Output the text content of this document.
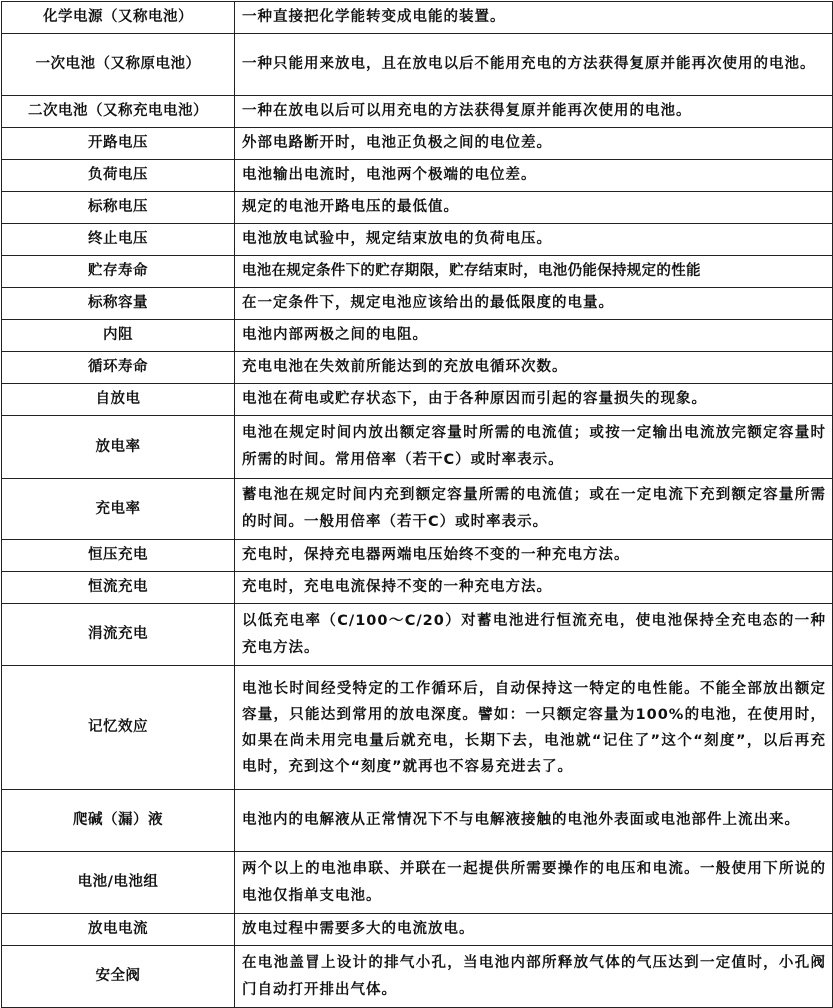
化学电源（又称电池）	一种直接把化学能转变成电能的装置。
一次电池（又称原电池）	一种只能用来放电，且在放电以后不能用充电的方法获得复原并能再次使用的电池。
二次电池（又称充电电池）	一种在放电以后可以用充电的方法获得复原并能再次使用的电池。
开路电压	外部电路断开时，电池正负极之间的电位差。
负荷电压	电池输出电流时，电池两个极端的电位差。
标称电压	规定的电池开路电压的最低值。
终止电压	电池放电试验中，规定结束放电的负荷电压。
贮存寿命	电池在规定条件下的贮存期限，贮存结束时，电池仍能保持规定的性能
标称容量	在一定条件下，规定电池应该给出的最低限度的电量。
内阻	电池内部两极之间的电阻。
循环寿命	充电电池在失效前所能达到的充放电循环次数。
自放电	电池在荷电或贮存状态下，由于各种原因而引起的容量损失的现象。
放电率	电池在规定时间内放出额定容量时所需的电流值；或按一定输出电流放完额定容量时所需的时间。常用倍率（若干C）或时率表示。
充电率	蓄电池在规定时间内充到额定容量所需的电流值；或在一定电流下充到额定容量所需的时间。一般用倍率（若干C）或时率表示。
恒压充电	充电时，保持充电器两端电压始终不变的一种充电方法。
恒流充电	充电时，充电电流保持不变的一种充电方法。
涓流充电	以低充电率（C/100～C/20）对蓄电池进行恒流充电，使电池保持全充电态的一种充电方法。
记忆效应	电池长时间经受特定的工作循环后，自动保持这一特定的电性能。不能全部放出额定容量，只能达到常用的放电深度。譬如：一只额定容量为100%的电池，在使用时，如果在尚未用完电量后就充电，长期下去，电池就“记住了”这个“刻度”，以后再充电时，充到这个“刻度”就再也不容易充进去了。
爬碱（漏）液	电池内的电解液从正常情况下不与电解液接触的电池外表面或电池部件上流出来。
电池/电池组	两个以上的电池串联、并联在一起提供所需要操作的电压和电流。一般使用下所说的电池仅指单支电池。
放电电流	放电过程中需要多大的电流放电。
安全阀	在电池盖冒上设计的排气小孔，当电池内部所释放气体的气压达到一定值时，小孔阀门自动打开排出气体。
